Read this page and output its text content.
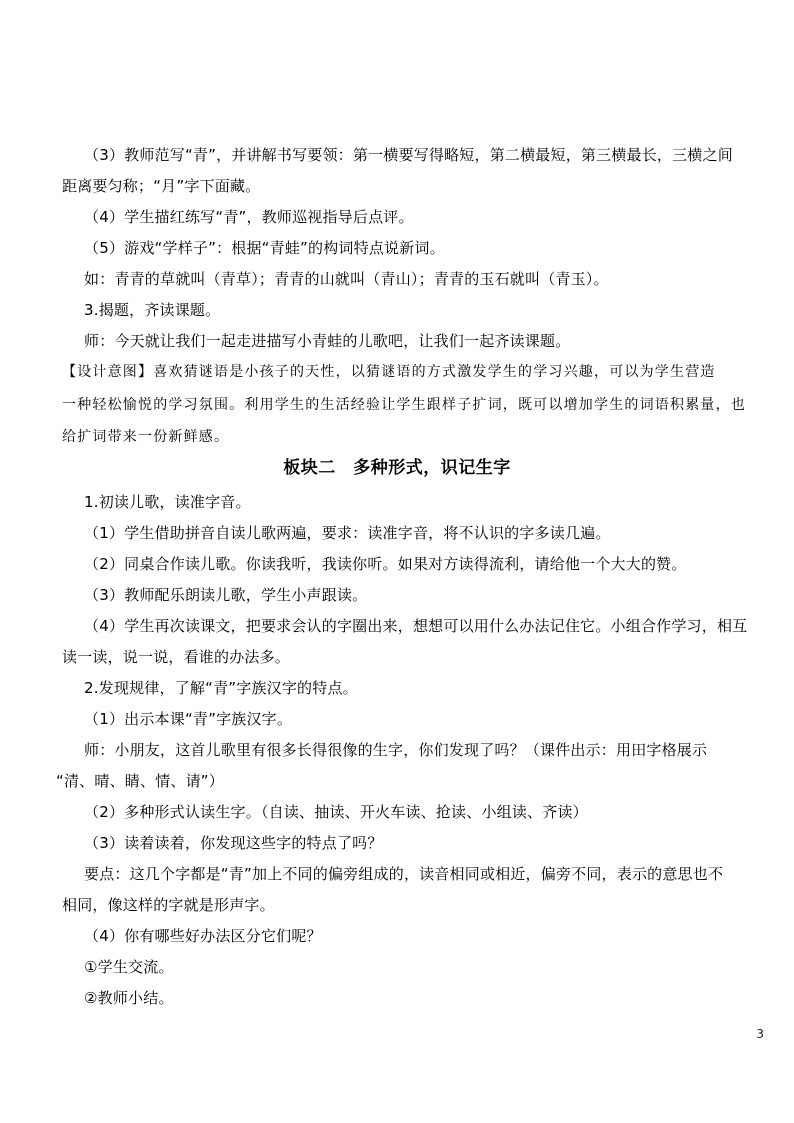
（3）教师范写“青”，并讲解书写要领：第一横要写得略短，第二横最短，第三横最长，三横之间
距离要匀称；“月”字下面藏。
（4）学生描红练写“青”，教师巡视指导后点评。
（5）游戏“学样子”：根据“青蛙”的构词特点说新词。
如：青青的草就叫（青草）；青青的山就叫（青山）；青青的玉石就叫（青玉）。
3.揭题，齐读课题。
师：今天就让我们一起走进描写小青蛙的儿歌吧，让我们一起齐读课题。
【设计意图】喜欢猜谜语是小孩子的天性，以猜谜语的方式激发学生的学习兴趣，可以为学生营造
一种轻松愉悦的学习氛围。利用学生的生活经验让学生跟样子扩词，既可以增加学生的词语积累量，也
给扩词带来一份新鲜感。
板块二　多种形式，识记生字
1.初读儿歌，读准字音。
（1）学生借助拼音自读儿歌两遍，要求：读准字音，将不认识的字多读几遍。
（2）同桌合作读儿歌。你读我听，我读你听。如果对方读得流利，请给他一个大大的赞。
（3）教师配乐朗读儿歌，学生小声跟读。
（4）学生再次读课文，把要求会认的字圈出来，想想可以用什么办法记住它。小组合作学习，相互
读一读，说一说，看谁的办法多。
2.发现规律，了解“青”字族汉字的特点。
（1）出示本课“青”字族汉字。
师：小朋友，这首儿歌里有很多长得很像的生字，你们发现了吗？（课件出示：用田字格展示
“清、晴、睛、情、请”）
（2）多种形式认读生字。（自读、抽读、开火车读、抢读、小组读、齐读）
（3）读着读着，你发现这些字的特点了吗？
要点：这几个字都是“青”加上不同的偏旁组成的，读音相同或相近，偏旁不同，表示的意思也不
相同，像这样的字就是形声字。
（4）你有哪些好办法区分它们呢？
①学生交流。
②教师小结。
3
